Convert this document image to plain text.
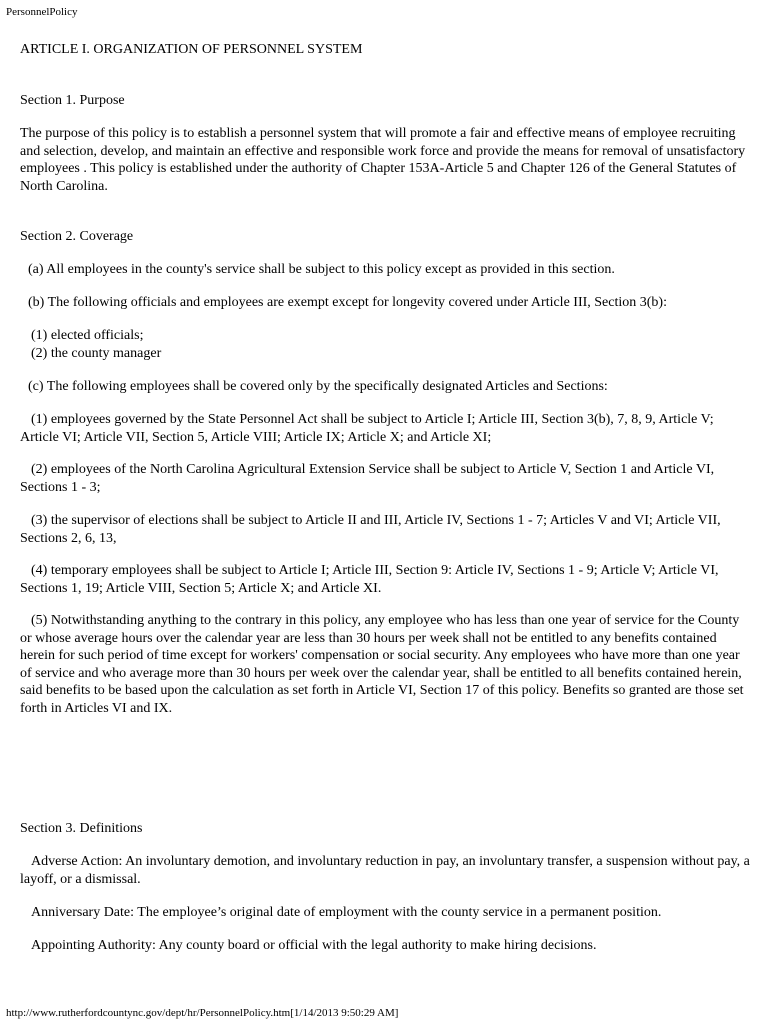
PersonnelPolicy
ARTICLE I. ORGANIZATION OF PERSONNEL SYSTEM
Section 1. Purpose
The purpose of this policy is to establish a personnel system that will promote a fair and effective means of employee recruiting and selection, develop, and maintain an effective and responsible work force and provide the means for removal of unsatisfactory employees . This policy is established under the authority of Chapter 153A-Article 5 and Chapter 126 of the General Statutes of North Carolina.
Section 2. Coverage
(a) All employees in the county's service shall be subject to this policy except as provided in this section.
(b) The following officials and employees are exempt except for longevity covered under Article III, Section 3(b):
(1) elected officials;
(2) the county manager
(c) The following employees shall be covered only by the specifically designated Articles and Sections:
(1) employees governed by the State Personnel Act shall be subject to Article I; Article III, Section 3(b), 7, 8, 9, Article V; Article VI; Article VII, Section 5, Article VIII; Article IX; Article X; and Article XI;
(2) employees of the North Carolina Agricultural Extension Service shall be subject to Article V, Section 1 and Article VI, Sections 1 - 3;
(3) the supervisor of elections shall be subject to Article II and III, Article IV, Sections 1 - 7; Articles V and VI; Article VII, Sections 2, 6, 13,
(4) temporary employees shall be subject to Article I; Article III, Section 9: Article IV, Sections 1 - 9; Article V; Article VI, Sections 1, 19; Article VIII, Section 5; Article X; and Article XI.
(5) Notwithstanding anything to the contrary in this policy, any employee who has less than one year of service for the County or whose average hours over the calendar year are less than 30 hours per week shall not be entitled to any benefits contained herein for such period of time except for workers' compensation or social security. Any employees who have more than one year of service and who average more than 30 hours per week over the calendar year, shall be entitled to all benefits contained herein, said benefits to be based upon the calculation as set forth in Article VI, Section 17 of this policy. Benefits so granted are those set forth in Articles VI and IX.
Section 3. Definitions
Adverse Action: An involuntary demotion, and involuntary reduction in pay, an involuntary transfer, a suspension without pay, a layoff, or a dismissal.
Anniversary Date: The employee’s original date of employment with the county service in a permanent position.
Appointing Authority: Any county board or official with the legal authority to make hiring decisions.
http://www.rutherfordcountync.gov/dept/hr/PersonnelPolicy.htm[1/14/2013 9:50:29 AM]
